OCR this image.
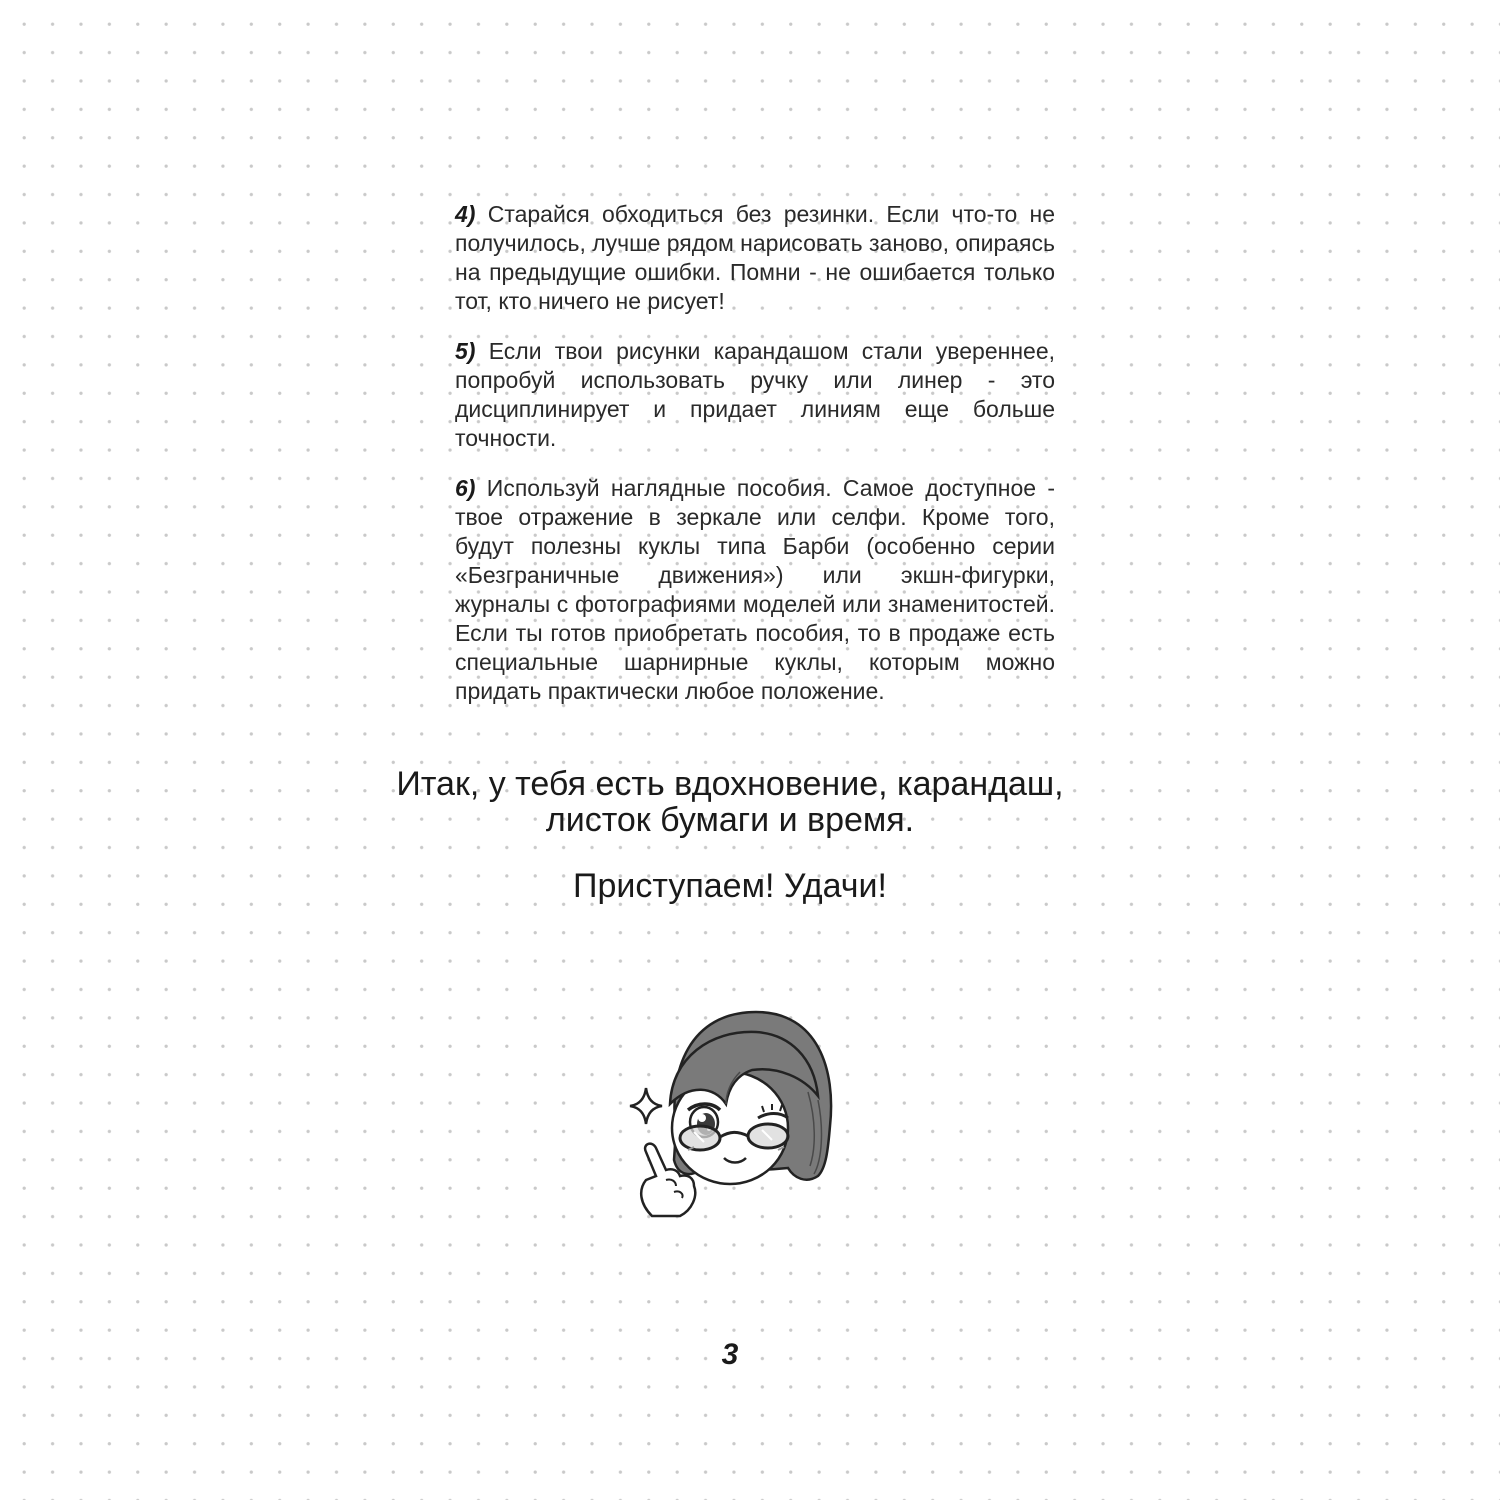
4) Старайся обходиться без резинки. Если что-то не получилось, лучше рядом нарисовать заново, опираясь на предыдущие ошибки. Помни - не ошибается только тот, кто ничего не рисует!

5) Если твои рисунки карандашом стали увереннее, попробуй использовать ручку или линер - это дисциплинирует и придает линиям еще больше точности.

6) Используй наглядные пособия. Самое доступное - твое отражение в зеркале или селфи. Кроме того, будут полезны куклы типа Барби (особенно серии «Безграничные движения») или экшн-фигурки, журналы с фотографиями моделей или знаменитостей. Если ты готов приобретать пособия, то в продаже есть специальные шарнирные куклы, которым можно придать практически любое положение.

Итак, у тебя есть вдохновение, карандаш,

листок бумаги и время.

Приступаем! Удачи!

3
